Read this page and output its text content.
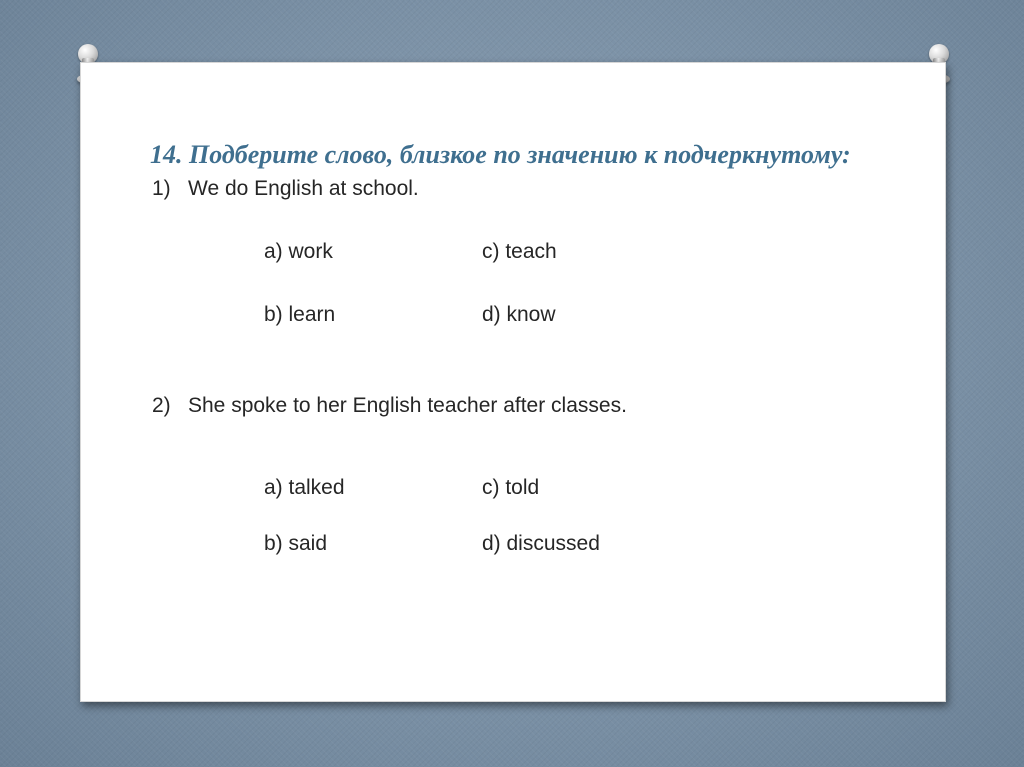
14. Подберите слово, близкое по значению к подчеркнутому:
1) We do English at school.
a) work	c) teach
b) learn	d) know
2) She spoke to her English teacher after classes.
a) talked	c) told
b) said	d) discussed
